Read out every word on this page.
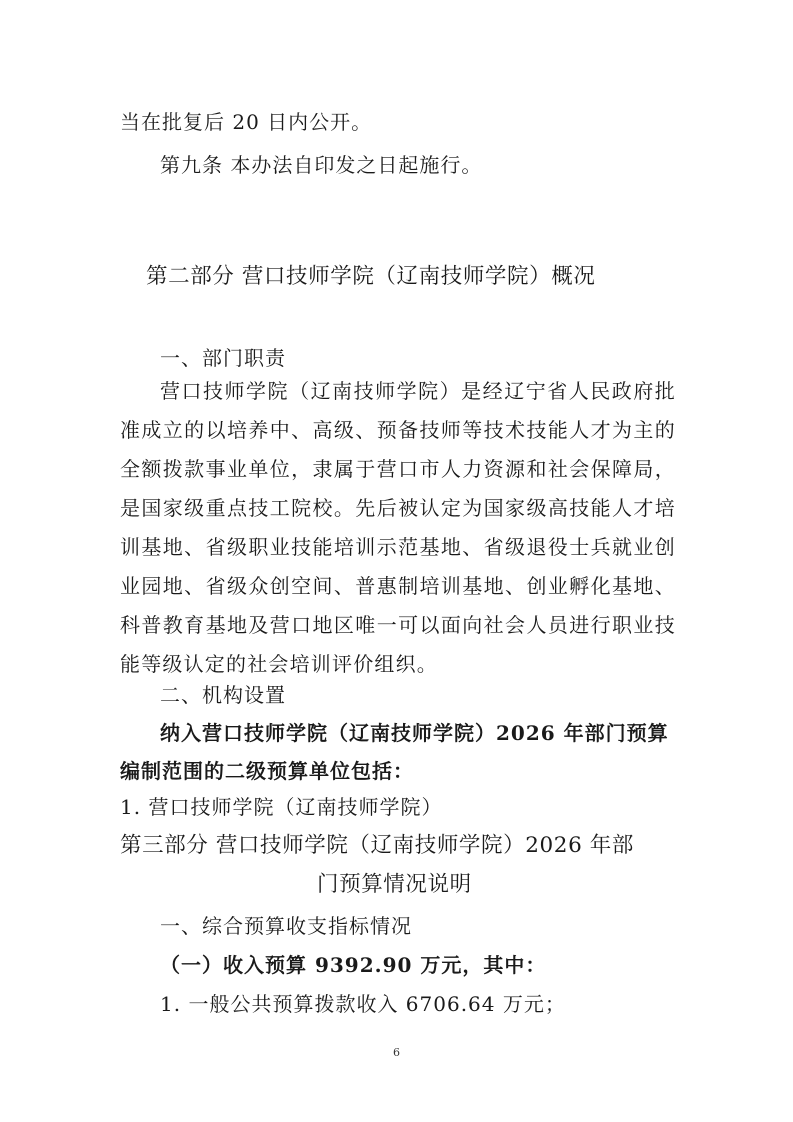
当在批复后 20 日内公开。
第九条 本办法自印发之日起施行。
第二部分 营口技师学院（辽南技师学院）概况
一、部门职责
营口技师学院（辽南技师学院）是经辽宁省人民政府批准成立的以培养中、高级、预备技师等技术技能人才为主的全额拨款事业单位，隶属于营口市人力资源和社会保障局，是国家级重点技工院校。先后被认定为国家级高技能人才培训基地、省级职业技能培训示范基地、省级退役士兵就业创业园地、省级众创空间、普惠制培训基地、创业孵化基地、科普教育基地及营口地区唯一可以面向社会人员进行职业技能等级认定的社会培训评价组织。
二、机构设置
纳入营口技师学院（辽南技师学院）2026 年部门预算
编制范围的二级预算单位包括：
1. 营口技师学院（辽南技师学院）
第三部分 营口技师学院（辽南技师学院）2026 年部
门预算情况说明
一、综合预算收支指标情况
（一）收入预算 9392.90 万元，其中：
1. 一般公共预算拨款收入 6706.64 万元；
6
